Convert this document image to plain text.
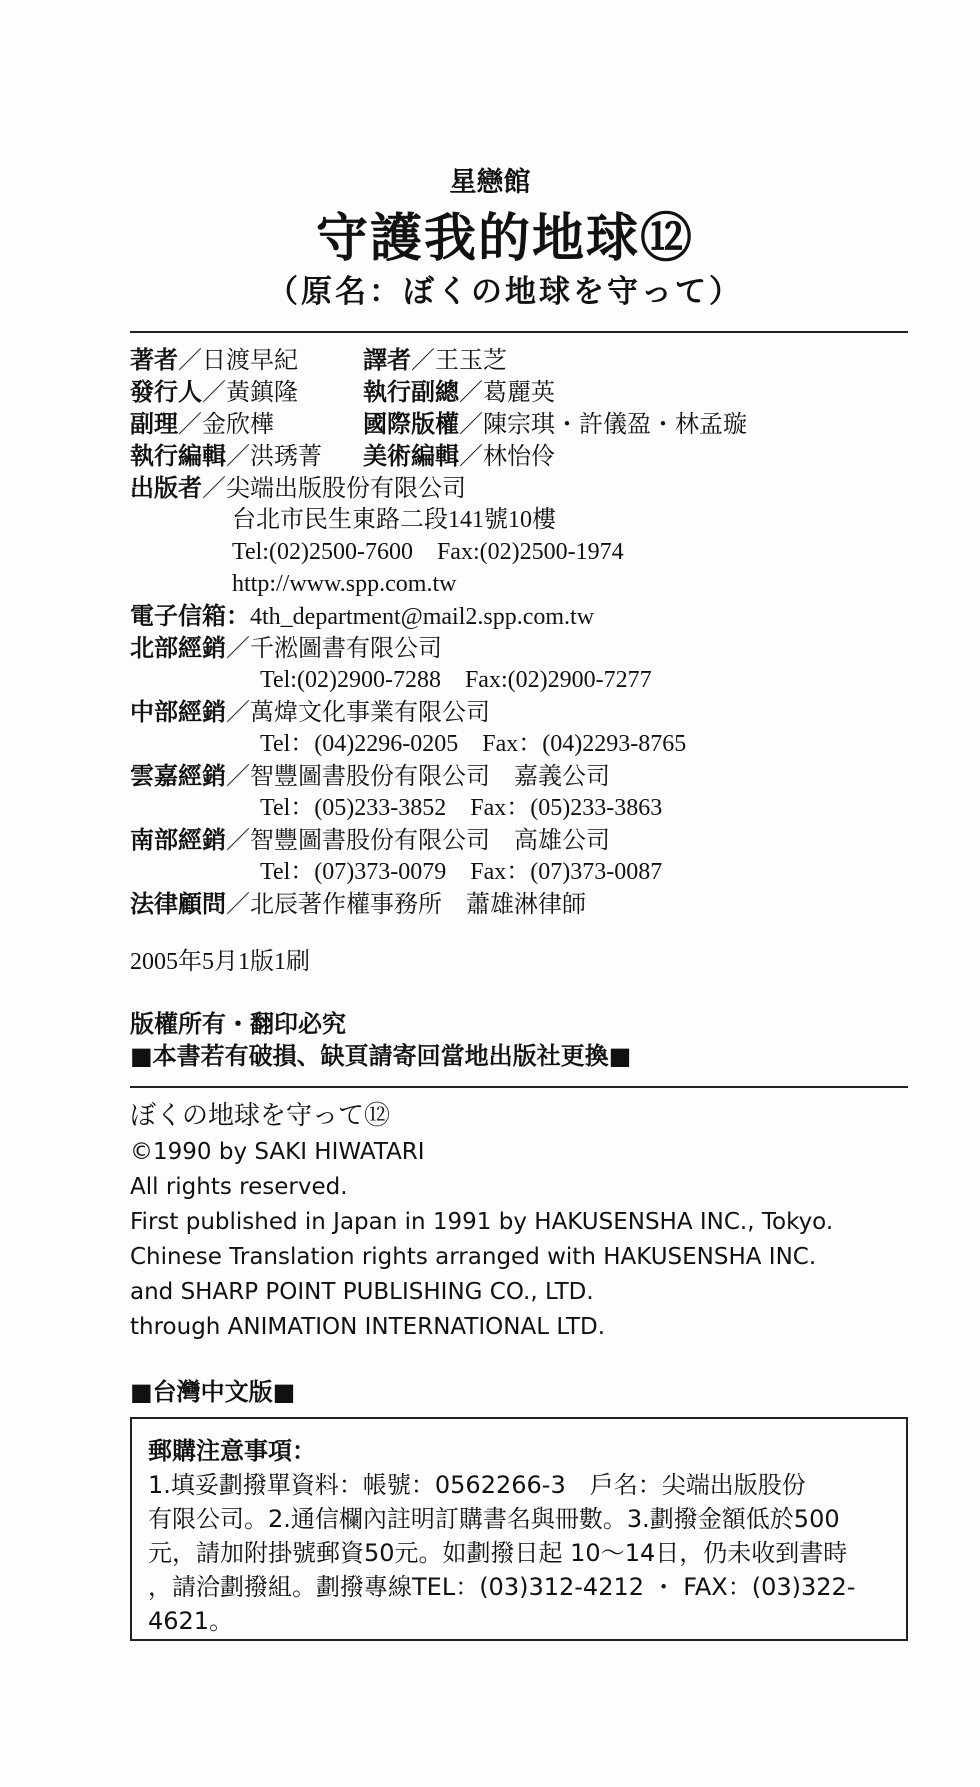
星戀館
守護我的地球⑫
（原名：ぼくの地球を守って）
著者／日渡早紀	譯者／王玉芝
發行人／黃鎮隆	執行副總／葛麗英
副理／金欣樺	國際版權／陳宗琪・許儀盈・林孟璇
執行編輯／洪琇菁 美術編輯／林怡伶
出版者／尖端出版股份有限公司
台北市民生東路二段141號10樓
Tel:(02)2500-7600　Fax:(02)2500-1974
http://www.spp.com.tw
電子信箱：4th_department@mail2.spp.com.tw
北部經銷／千淞圖書有限公司
Tel:(02)2900-7288　Fax:(02)2900-7277
中部經銷／萬煒文化事業有限公司
Tel：(04)2296-0205　Fax：(04)2293-8765
雲嘉經銷／智豐圖書股份有限公司　嘉義公司
Tel：(05)233-3852　Fax：(05)233-3863
南部經銷／智豐圖書股份有限公司　高雄公司
Tel：(07)373-0079　Fax：(07)373-0087
法律顧問／北辰著作權事務所　蕭雄淋律師
2005年5月1版1刷
版權所有・翻印必究
■本書若有破損、缺頁請寄回當地出版社更換■
ぼくの地球を守って⑫
©1990 by SAKI HIWATARI
All rights reserved.
First published in Japan in 1991 by HAKUSENSHA INC., Tokyo.
Chinese Translation rights arranged with HAKUSENSHA INC.
and SHARP POINT PUBLISHING CO., LTD.
through ANIMATION INTERNATIONAL LTD.
■台灣中文版■
郵購注意事項：
1.填妥劃撥單資料：帳號：0562266-3　戶名：尖端出版股份
有限公司。2.通信欄內註明訂購書名與冊數。3.劃撥金額低於500
元，請加附掛號郵資50元。如劃撥日起 10～14日，仍未收到書時
，請洽劃撥組。劃撥專線TEL：(03)312-4212 ・ FAX：(03)322-
4621。
